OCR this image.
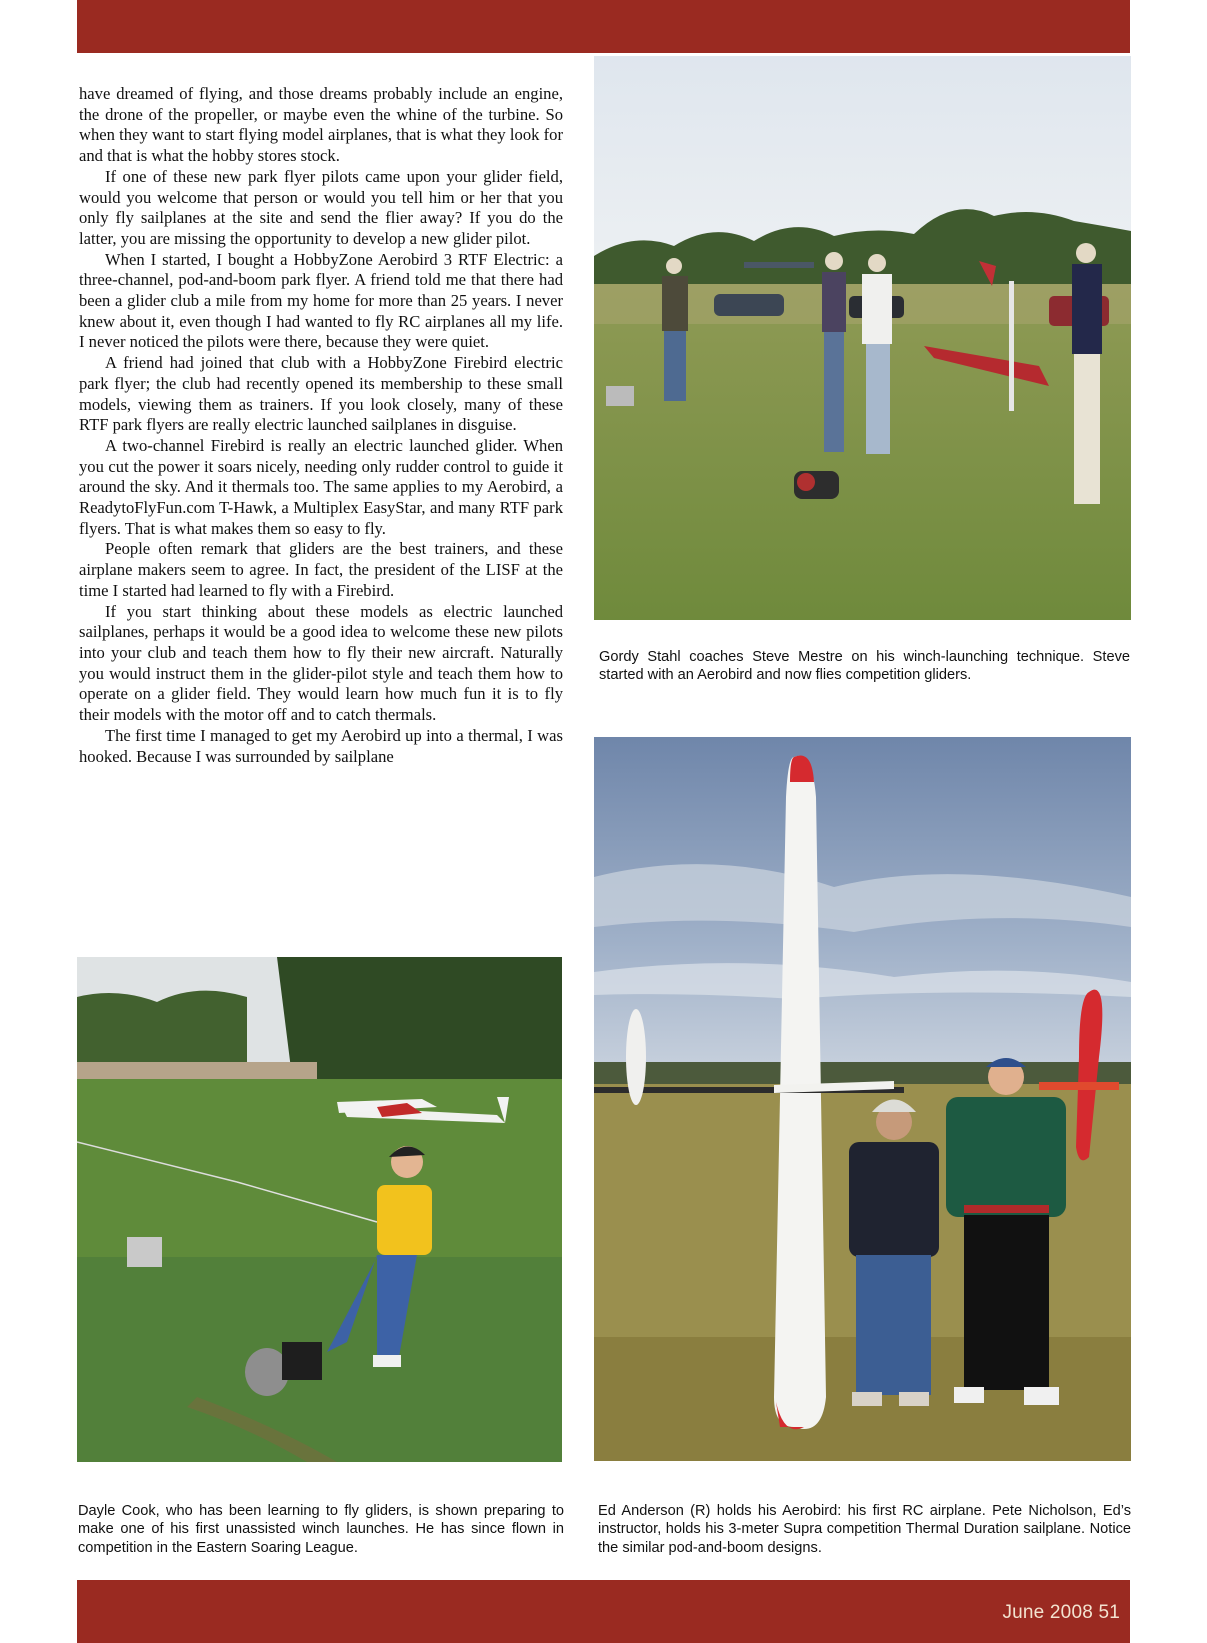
have dreamed of flying, and those dreams probably include an engine, the drone of the propeller, or maybe even the whine of the turbine. So when they want to start flying model airplanes, that is what they look for and that is what the hobby stores stock.

If one of these new park flyer pilots came upon your glider field, would you welcome that person or would you tell him or her that you only fly sailplanes at the site and send the flier away? If you do the latter, you are missing the opportunity to develop a new glider pilot.

When I started, I bought a HobbyZone Aerobird 3 RTF Electric: a three-channel, pod-and-boom park flyer. A friend told me that there had been a glider club a mile from my home for more than 25 years. I never knew about it, even though I had wanted to fly RC airplanes all my life. I never noticed the pilots were there, because they were quiet.

A friend had joined that club with a HobbyZone Firebird electric park flyer; the club had recently opened its membership to these small models, viewing them as trainers. If you look closely, many of these RTF park flyers are really electric launched sailplanes in disguise.

A two-channel Firebird is really an electric launched glider. When you cut the power it soars nicely, needing only rudder control to guide it around the sky. And it thermals too. The same applies to my Aerobird, a ReadytoFlyFun.com T-Hawk, a Multiplex EasyStar, and many RTF park flyers. That is what makes them so easy to fly.

People often remark that gliders are the best trainers, and these airplane makers seem to agree. In fact, the president of the LISF at the time I started had learned to fly with a Firebird.

If you start thinking about these models as electric launched sailplanes, perhaps it would be a good idea to welcome these new pilots into your club and teach them how to fly their new aircraft. Naturally you would instruct them in the glider-pilot style and teach them how to operate on a glider field. They would learn how much fun it is to fly their models with the motor off and to catch thermals.

The first time I managed to get my Aerobird up into a thermal, I was hooked. Because I was surrounded by sailplane

Gordy Stahl coaches Steve Mestre on his winch-launching technique. Steve started with an Aerobird and now flies competition gliders.
Dayle Cook, who has been learning to fly gliders, is shown preparing to make one of his first unassisted winch launches. He has since flown in competition in the Eastern Soaring League.
Ed Anderson (R) holds his Aerobird: his first RC airplane. Pete Nicholson, Ed’s instructor, holds his 3-meter Supra competition Thermal Duration sailplane. Notice the similar pod-and-boom designs.
June 2008 51
